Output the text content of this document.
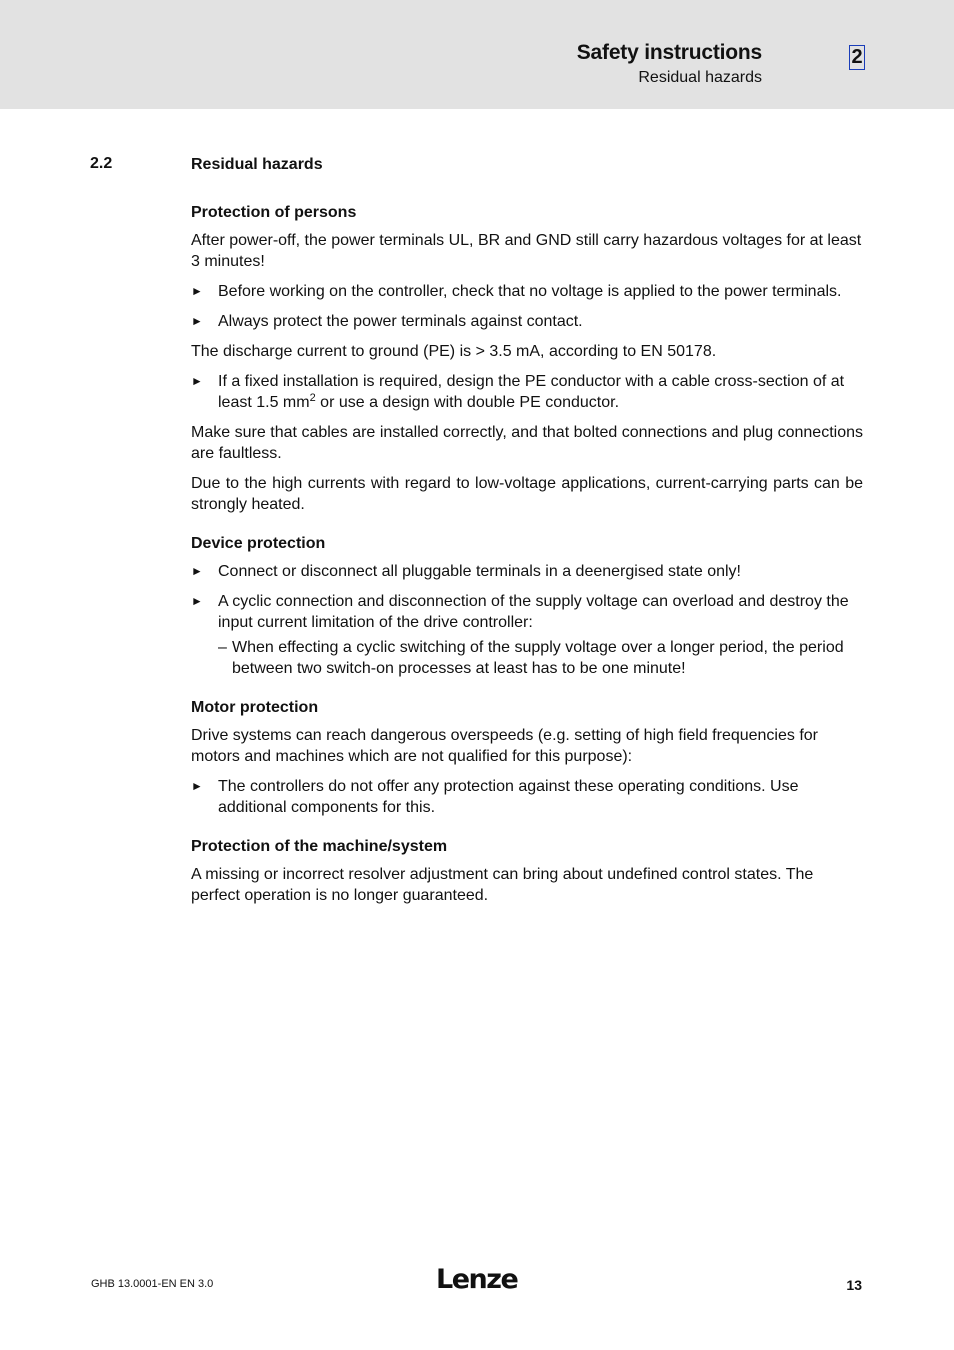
Safety instructions
Residual hazards
2
2.2	Residual hazards
Protection of persons
After power-off, the power terminals UL, BR and GND still carry hazardous voltages for at least 3 minutes!
► Before working on the controller, check that no voltage is applied to the power terminals.
► Always protect the power terminals against contact.
The discharge current to ground (PE) is > 3.5 mA, according to EN 50178.
► If a fixed installation is required, design the PE conductor with a cable cross-section of at least 1.5 $mm^2$ or use a design with double PE conductor.
Make sure that cables are installed correctly, and that bolted connections and plug connections are faultless.
Due to the high currents with regard to low-voltage applications, current-carrying parts can be strongly heated.
Device protection
► Connect or disconnect all pluggable terminals in a deenergised state only!
► A cyclic connection and disconnection of the supply voltage can overload and destroy the input current limitation of the drive controller:
– When effecting a cyclic switching of the supply voltage over a longer period, the period between two switch-on processes at least has to be one minute!
Motor protection
Drive systems can reach dangerous overspeeds (e.g. setting of high field frequencies for motors and machines which are not qualified for this purpose):
► The controllers do not offer any protection against these operating conditions. Use additional components for this.
Protection of the machine/system
A missing or incorrect resolver adjustment can bring about undefined control states. The perfect operation is no longer guaranteed.
GHB 13.0001-EN EN 3.0	Lenze	13
